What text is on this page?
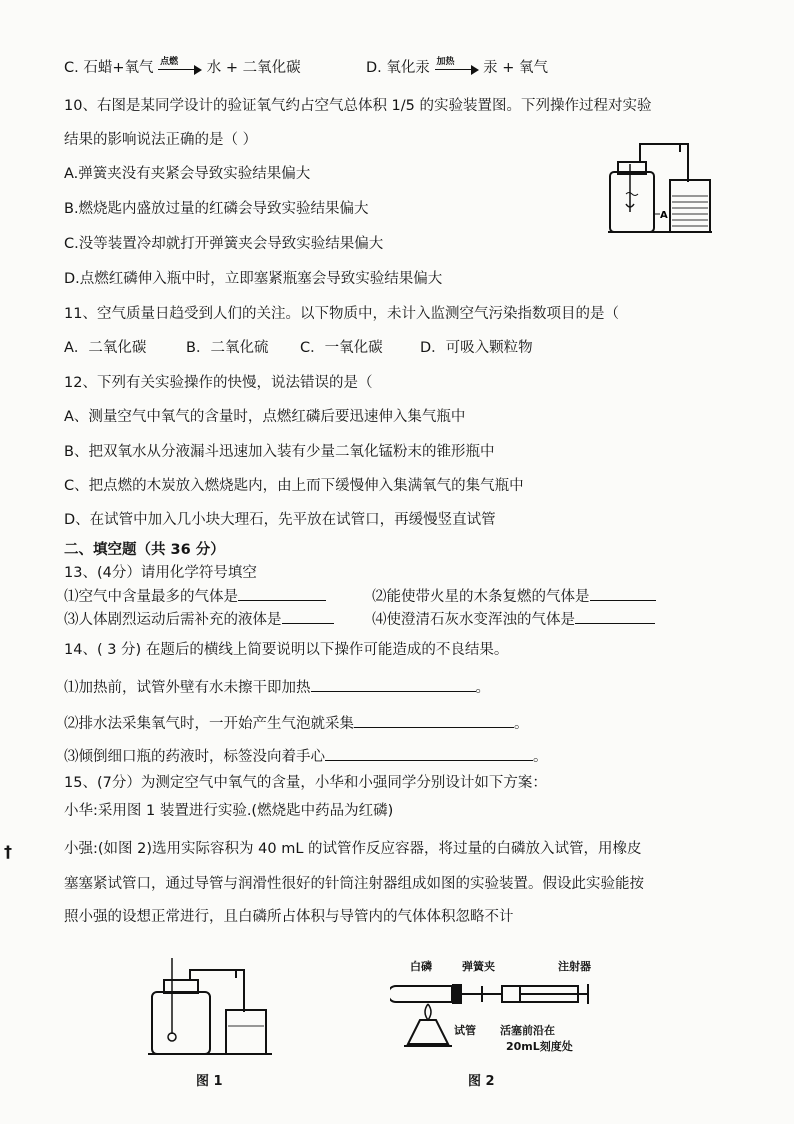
C. 石蜡+氧气 点燃 水 + 二氧化碳	D. 氧化汞 加热 汞 + 氧气
10、右图是某同学设计的验证氧气约占空气总体积 1/5 的实验装置图。下列操作过程对实验
结果的影响说法正确的是（ ）
A.弹簧夹没有夹紧会导致实验结果偏大
B.燃烧匙内盛放过量的红磷会导致实验结果偏大
C.没等装置冷却就打开弹簧夹会导致实验结果偏大
D.点燃红磷伸入瓶中时，立即塞紧瓶塞会导致实验结果偏大
A
11、空气质量日趋受到人们的关注。以下物质中，未计入监测空气污染指数项目的是（
A．二氧化碳	B．二氧化硫 C．一氧化碳	D．可吸入颗粒物
12、下列有关实验操作的快慢，说法错误的是（
A、测量空气中氧气的含量时，点燃红磷后要迅速伸入集气瓶中
B、把双氧水从分液漏斗迅速加入装有少量二氧化锰粉末的锥形瓶中
C、把点燃的木炭放入燃烧匙内，由上而下缓慢伸入集满氧气的集气瓶中
D、在试管中加入几小块大理石，先平放在试管口，再缓慢竖直试管
二、填空题（共 36 分）
13、(4分）请用化学符号填空
⑴空气中含量最多的气体是	⑵能使带火星的木条复燃的气体是
⑶人体剧烈运动后需补充的液体是	⑷使澄清石灰水变浑浊的气体是
14、( 3 分) 在题后的横线上简要说明以下操作可能造成的不良结果。
⑴加热前，试管外壁有水未擦干即加热	。
⑵排水法采集氧气时，一开始产生气泡就采集	。
⑶倾倒细口瓶的药液时，标签没向着手心	。
15、(7分）为测定空气中氧气的含量，小华和小强同学分别设计如下方案：
小华:采用图 1 装置进行实验.(燃烧匙中药品为红磷)
小强:(如图 2)选用实际容积为 40 mL 的试管作反应容器，将过量的白磷放入试管，用橡皮
塞塞紧试管口，通过导管与润滑性很好的针筒注射器组成如图的实验装置。假设此实验能按
照小强的设想正常进行，且白磷所占体积与导管内的气体体积忽略不计
图 1
白磷	弹簧夹	注射器
试管 活塞前沿在
20mL刻度处
图 2
†
